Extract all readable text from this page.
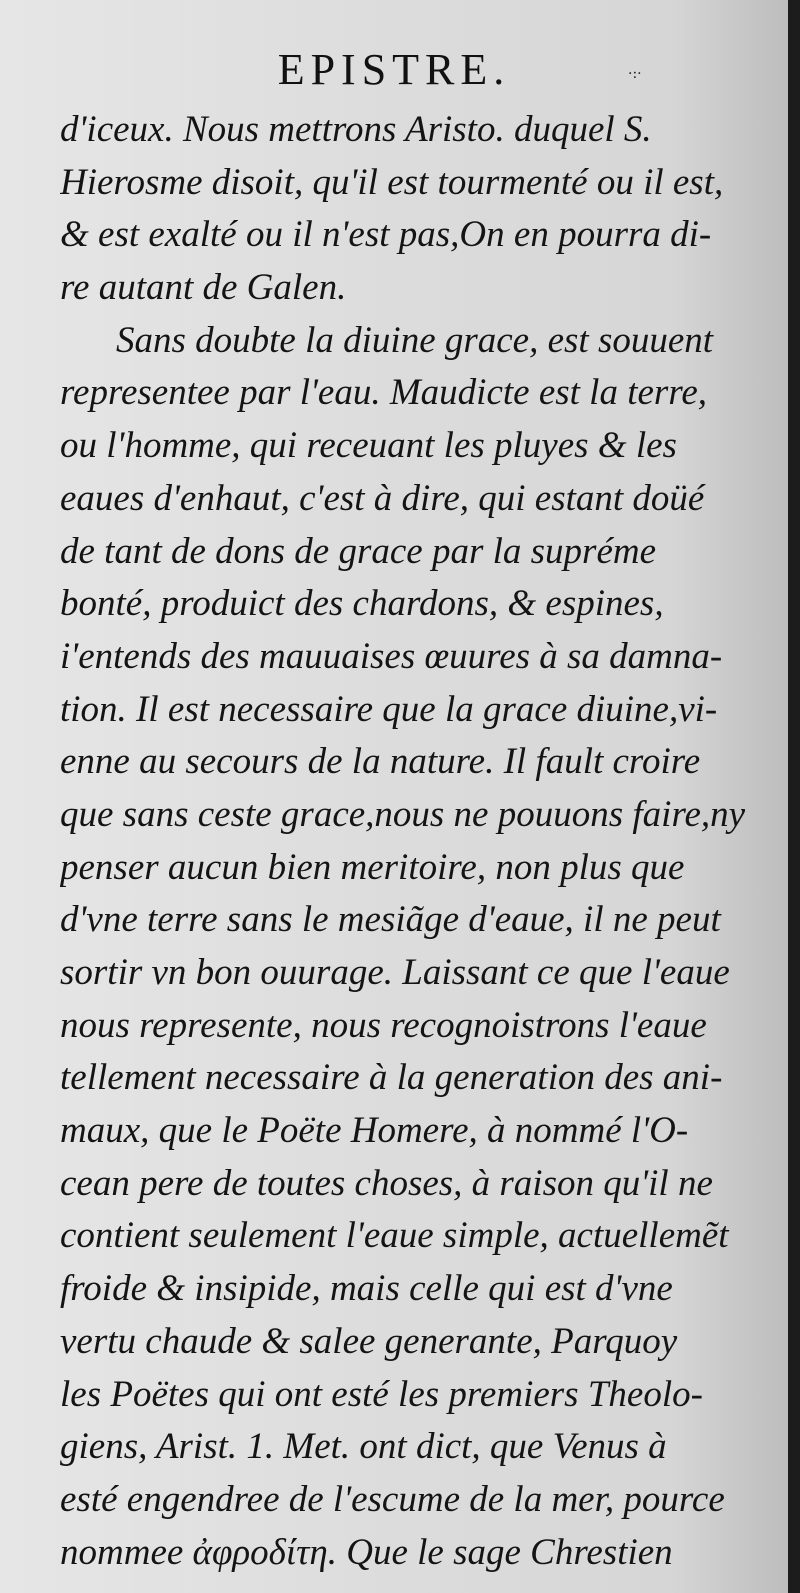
EPISTRE.	·:·
d'iceux. Nous mettrons Aristo. duquel S.
Hierosme disoit, qu'il est tourmenté ou il est,
& est exalté ou il n'est pas,On en pourra di-
re autant de Galen.
Sans doubte la diuine grace, est souuent
representee par l'eau. Maudicte est la terre,
ou l'homme, qui receuant les pluyes & les
eaues d'enhaut, c'est à dire, qui estant doüé
de tant de dons de grace par la supréme
bonté, produict des chardons, & espines,
i'entends des mauuaises œuures à sa damna-
tion. Il est necessaire que la grace diuine,vi-
enne au secours de la nature. Il fault croire
que sans ceste grace,nous ne pouuons faire,ny
penser aucun bien meritoire, non plus que
d'vne terre sans le mesiãge d'eaue, il ne peut
sortir vn bon ouurage. Laissant ce que l'eaue
nous represente, nous recognoistrons l'eaue
tellement necessaire à la generation des ani-
maux, que le Poëte Homere, à nommé l'O-
cean pere de toutes choses, à raison qu'il ne
contient seulement l'eaue simple, actuellemẽt
froide & insipide, mais celle qui est d'vne
vertu chaude & salee generante, Parquoy
les Poëtes qui ont esté les premiers Theolo-
giens, Arist. 1. Met. ont dict, que Venus à
esté engendree de l'escume de la mer, pource
nommee ἀφροδίτη. Que le sage Chrestien
